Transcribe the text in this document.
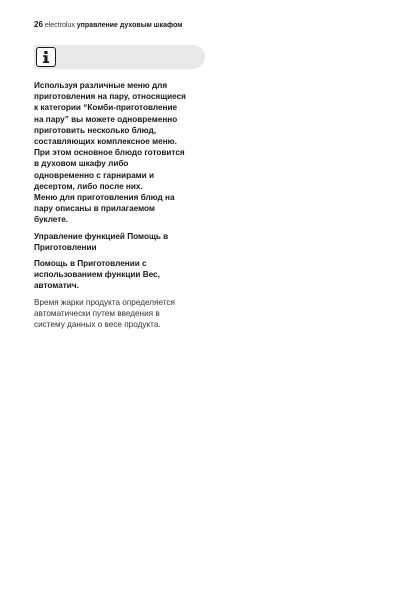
26 electrolux управление духовым шкафом

Используя различные меню для
приготовления на пару, относящиеся
к категории “Комби-приготовление
на пару” вы можете одновременно
приготовить несколько блюд,
составляющих комплексное меню.
При этом основное блюдо готовится
в духовом шкафу либо
одновременно с гарнирами и
десертом, либо после них.
Меню для приготовления блюд на
пару описаны в прилагаемом
буклете.

Управление функцией Помощь в
Приготовлении

Помощь в Приготовлении с
использованием функции Вес,
автоматич.

Время жарки продукта определяется
автоматически путем введения в
систему данных о весе продукта.
